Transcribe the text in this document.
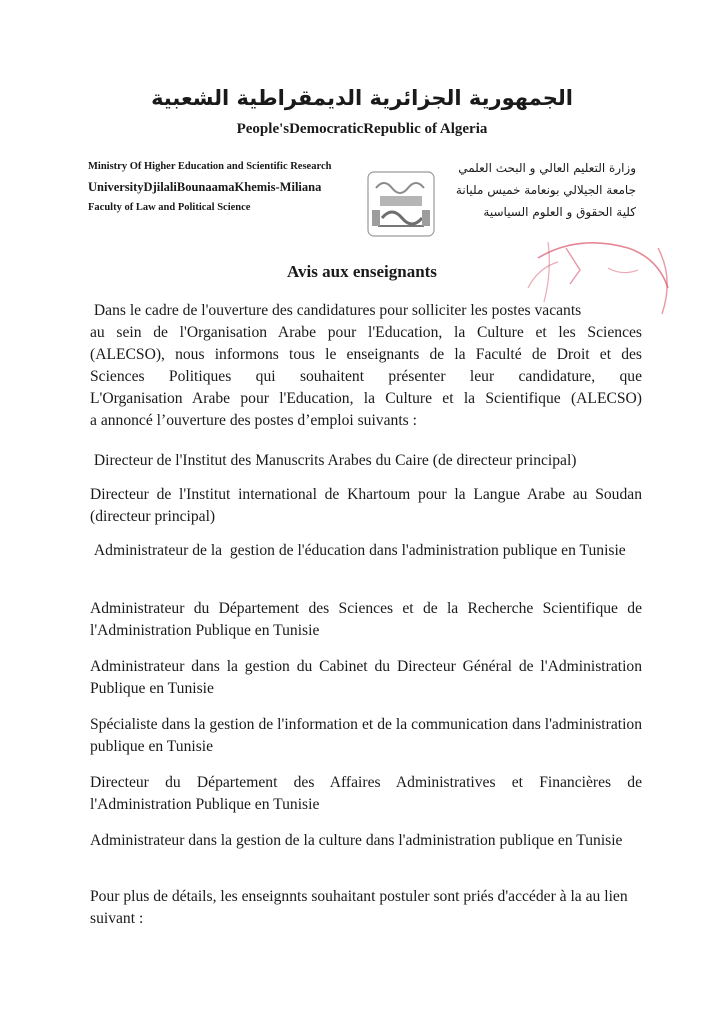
الجمهورية الجزائرية الديمقراطية الشعبية
People'sDemocraticRepublic of Algeria
Ministry Of Higher Education and Scientific Research
UniversityDjilaliBounaamaKhemis-Miliana
Faculty of Law and Political Science
وزارة التعليم العالي و البحث العلمي
جامعة الجيلالي بونعامة خميس مليانة
كلية الحقوق و العلوم السياسية
Avis aux enseignants
Dans le cadre de l'ouverture des candidatures pour solliciter les postes vacants
au sein de l'Organisation Arabe pour l'Education, la Culture et les Sciences
(ALECSO), nous informons tous le enseignants de la Faculté de Droit et des
Sciences Politiques qui souhaitent présenter leur candidature, que
L'Organisation Arabe pour l'Education, la Culture et la Scientifique (ALECSO)
a annoncé l’ouverture des postes d’emploi suivants :
Directeur de l'Institut des Manuscrits Arabes du Caire (de directeur principal)
Directeur de l'Institut international de Khartoum pour la Langue Arabe au Soudan (directeur principal)
Administrateur de la  gestion de l'éducation dans l'administration publique en Tunisie
Administrateur du Département des Sciences et de la Recherche Scientifique de l'Administration Publique en Tunisie
Administrateur dans la gestion du Cabinet du Directeur Général de l'Administration Publique en Tunisie
Spécialiste dans la gestion de l'information et de la communication dans l'administration publique en Tunisie
Directeur du Département des Affaires Administratives et Financières de l'Administration Publique en Tunisie
Administrateur dans la gestion de la culture dans l'administration publique en Tunisie
Pour plus de détails, les enseignnts souhaitant postuler sont priés d'accéder à la au lien suivant :
